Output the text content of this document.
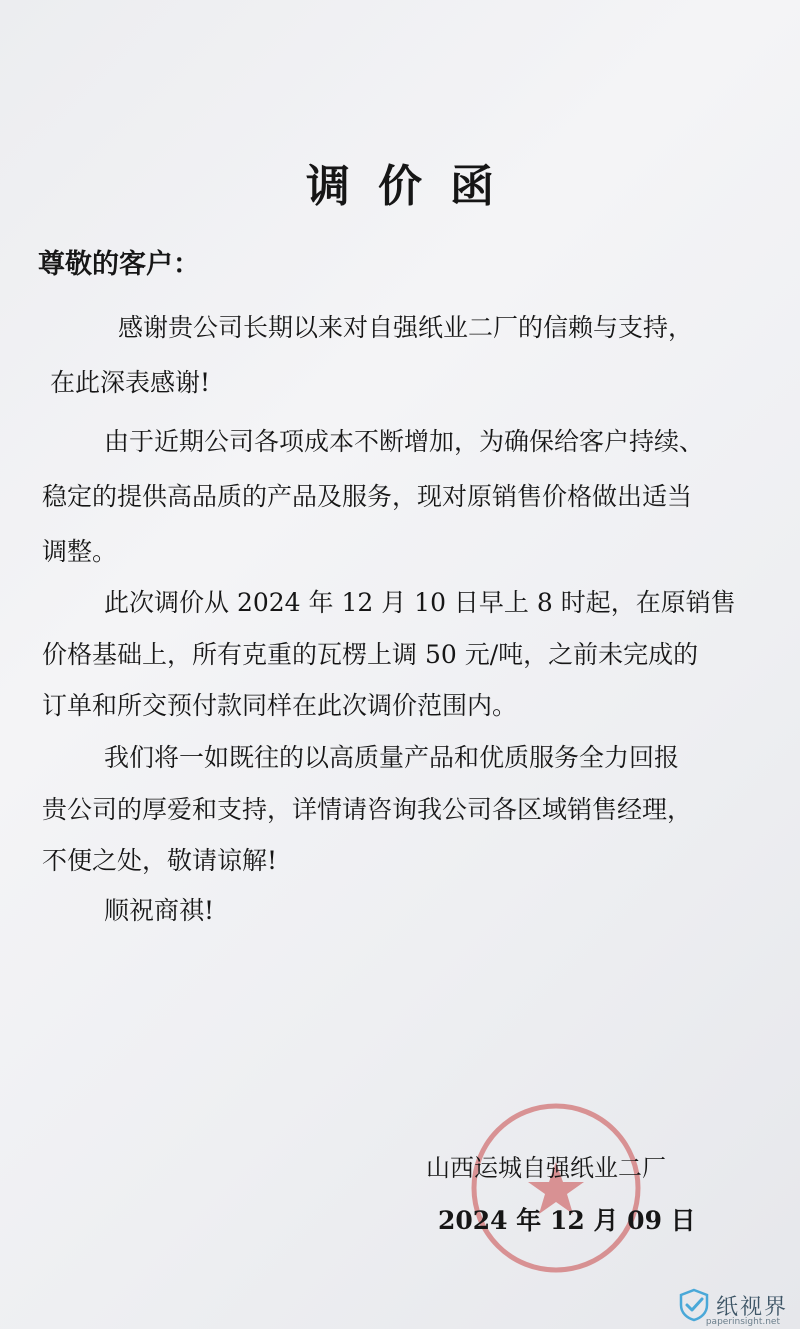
调价函
尊敬的客户：
感谢贵公司长期以来对自强纸业二厂的信赖与支持，
在此深表感谢!
由于近期公司各项成本不断增加，为确保给客户持续、
稳定的提供高品质的产品及服务，现对原销售价格做出适当
调整。
此次调价从 2024 年 12 月 10 日早上 8 时起，在原销售
价格基础上，所有克重的瓦楞上调 50 元/吨，之前未完成的
订单和所交预付款同样在此次调价范围内。
我们将一如既往的以高质量产品和优质服务全力回报
贵公司的厚爱和支持，详情请咨询我公司各区域销售经理，
不便之处，敬请谅解!
顺祝商祺!
山西运城自强纸业二厂
2024 年 12 月 09 日
纸视界
paperinsight.net
